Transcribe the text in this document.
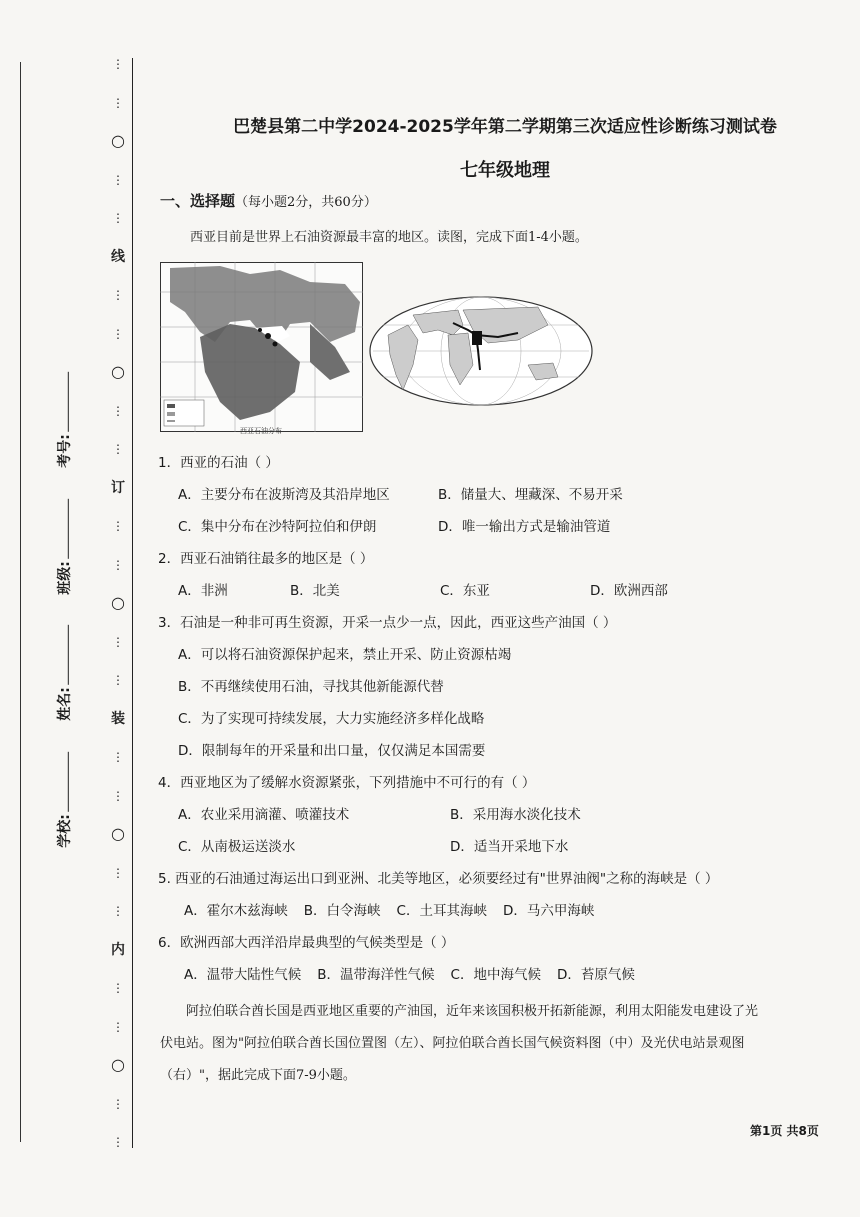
⋮
⋮
○
⋮
⋮
线
⋮
⋮
○
⋮
⋮
订
⋮
⋮
○
⋮
⋮
装
⋮
⋮
○
⋮
⋮
内
⋮
⋮
○
⋮
⋮
学校:
姓名:
班级:
考号:
巴楚县第二中学2024-2025学年第二学期第三次适应性诊断练习测试卷
七年级地理
一、选择题（每小题2分，共60分）
西亚目前是世界上石油资源最丰富的地区。读图，完成下面1-4小题。
西亚石油分布
1．西亚的石油（ ）
A．主要分布在波斯湾及其沿岸地区	B．储量大、埋藏深、不易开采
C．集中分布在沙特阿拉伯和伊朗	D．唯一输出方式是输油管道
2．西亚石油销往最多的地区是（ ）
A．非洲	B．北美	C．东亚	D．欧洲西部
3．石油是一种非可再生资源，开采一点少一点，因此，西亚这些产油国（ ）
A．可以将石油资源保护起来，禁止开采、防止资源枯竭
B．不再继续使用石油，寻找其他新能源代替
C．为了实现可持续发展，大力实施经济多样化战略
D．限制每年的开采量和出口量，仅仅满足本国需要
4．西亚地区为了缓解水资源紧张，下列措施中不可行的有（ ）
A．农业采用滴灌、喷灌技术	B．采用海水淡化技术
C．从南极运送淡水	D．适当开采地下水
5. 西亚的石油通过海运出口到亚洲、北美等地区，必须要经过有"世界油阀"之称的海峡是（ ）
A．霍尔木兹海峡 B．白令海峡 C．土耳其海峡 D．马六甲海峡
6．欧洲西部大西洋沿岸最典型的气候类型是（ ）
A．温带大陆性气候 B．温带海洋性气候 C．地中海气候 D．苔原气候
阿拉伯联合酋长国是西亚地区重要的产油国，近年来该国积极开拓新能源，利用太阳能发电建设了光
伏电站。图为"阿拉伯联合酋长国位置图（左）、阿拉伯联合酋长国气候资料图（中）及光伏电站景观图
（右）"，据此完成下面7-9小题。
第1页 共8页
